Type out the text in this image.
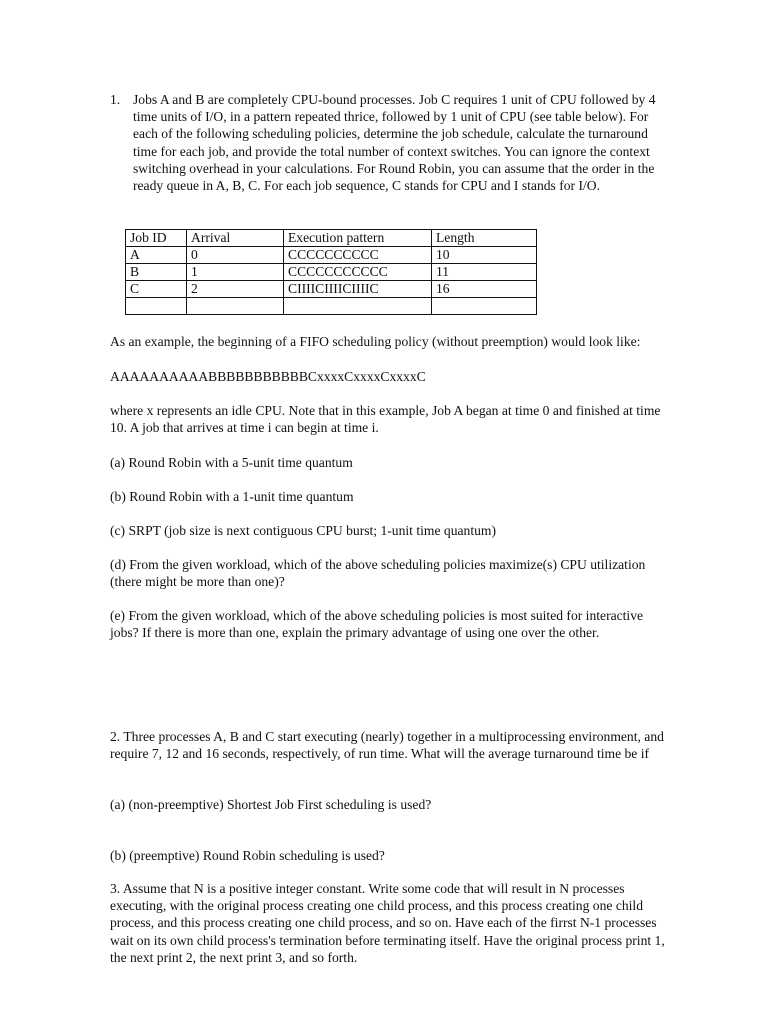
1. Jobs A and B are completely CPU-bound processes. Job C requires 1 unit of CPU followed by 4 time units of I/O, in a pattern repeated thrice, followed by 1 unit of CPU (see table below). For each of the following scheduling policies, determine the job schedule, calculate the turnaround time for each job, and provide the total number of context switches. You can ignore the context switching overhead in your calculations. For Round Robin, you can assume that the order in the ready queue in A, B, C. For each job sequence, C stands for CPU and I stands for I/O.
Job ID	Arrival	Execution pattern	Length
A	0	CCCCCCCCCC	10
B	1	CCCCCCCCCCC	11
C	2	CIIIICIIIICIIIIC	16

As an example, the beginning of a FIFO scheduling policy (without preemption) would look like:
AAAAAAAAAABBBBBBBBBBBCxxxxCxxxxCxxxxC
where x represents an idle CPU. Note that in this example, Job A began at time 0 and finished at time 10. A job that arrives at time i can begin at time i.
(a) Round Robin with a 5-unit time quantum
(b) Round Robin with a 1-unit time quantum
(c) SRPT (job size is next contiguous CPU burst; 1-unit time quantum)
(d) From the given workload, which of the above scheduling policies maximize(s) CPU utilization (there might be more than one)?
(e) From the given workload, which of the above scheduling policies is most suited for interactive jobs? If there is more than one, explain the primary advantage of using one over the other.
2. Three processes A, B and C start executing (nearly) together in a multiprocessing environment, and require 7, 12 and 16 seconds, respectively, of run time. What will the average turnaround time be if
(a) (non-preemptive) Shortest Job First scheduling is used?
(b) (preemptive) Round Robin scheduling is used?
3. Assume that N is a positive integer constant. Write some code that will result in N processes executing, with the original process creating one child process, and this process creating one child process, and this process creating one child process, and so on. Have each of the firrst N-1 processes wait on its own child process's termination before terminating itself. Have the original process print 1, the next print 2, the next print 3, and so forth.
